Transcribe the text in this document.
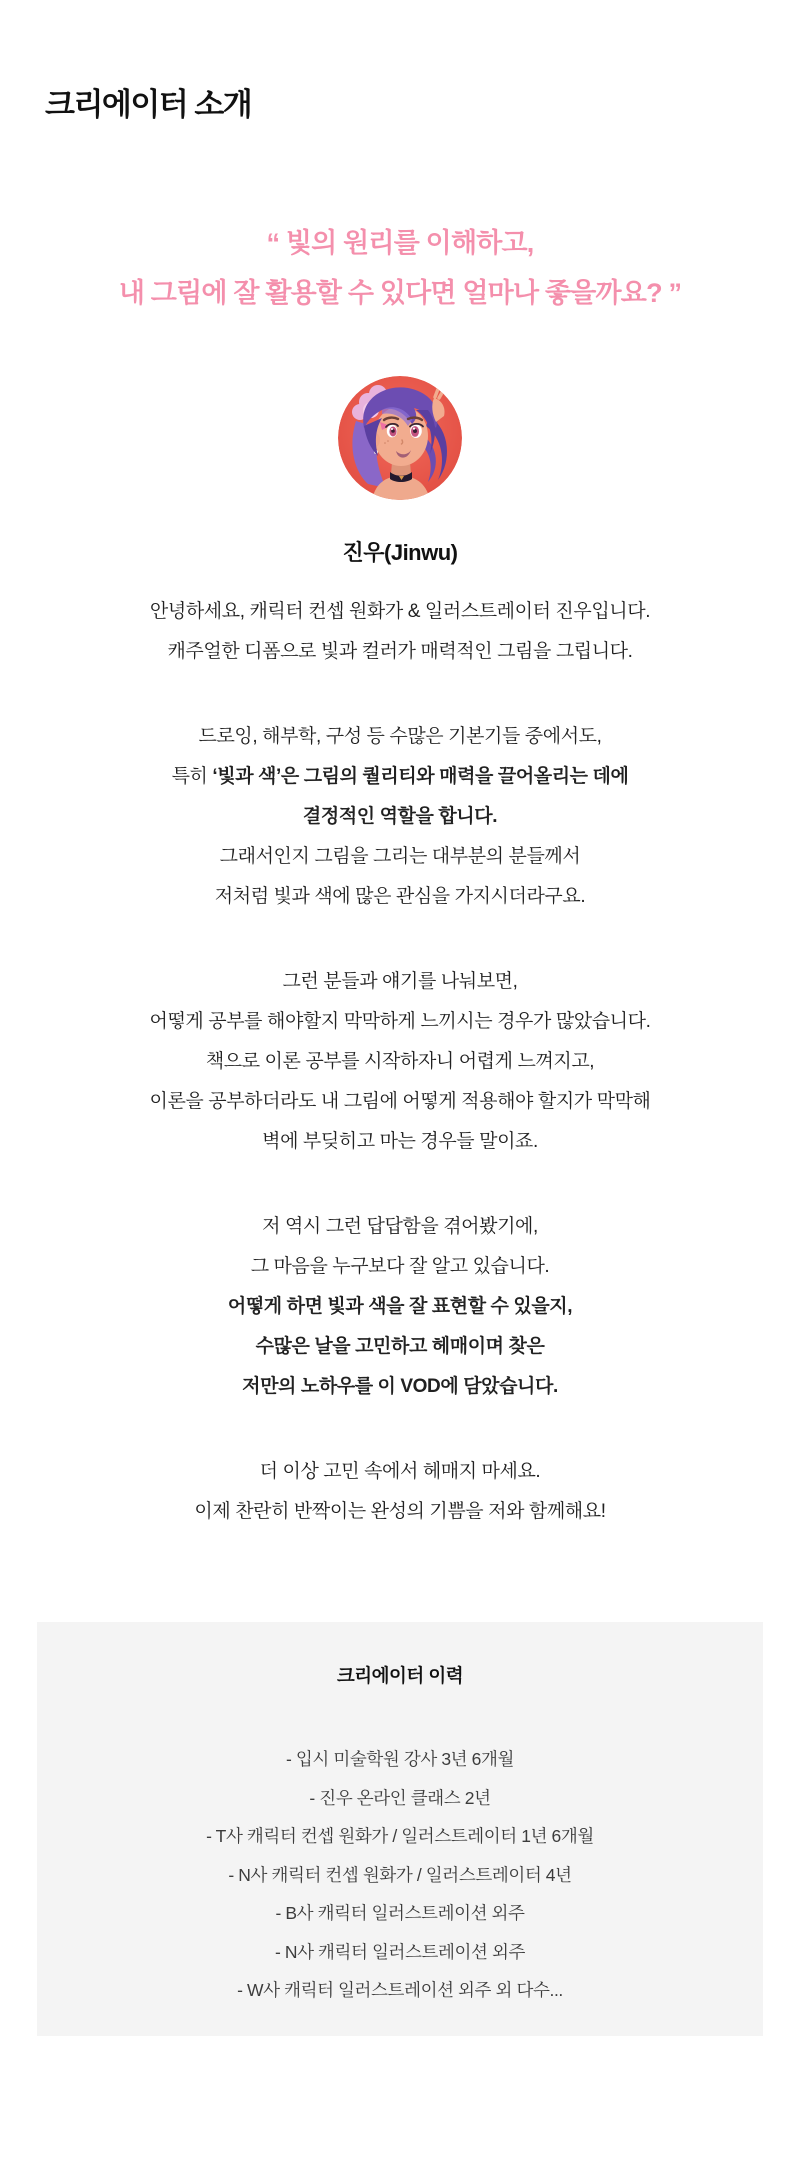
크리에이터 소개
“ 빛의 원리를 이해하고,
내 그림에 잘 활용할 수 있다면 얼마나 좋을까요? ”
진우(Jinwu)

안녕하세요, 캐릭터 컨셉 원화가 & 일러스트레이터 진우입니다.
캐주얼한 디폼으로 빛과 컬러가 매력적인 그림을 그립니다.

드로잉, 해부학, 구성 등 수많은 기본기들 중에서도,
특히 ‘빛과 색’은 그림의 퀄리티와 매력을 끌어올리는 데에
결정적인 역할을 합니다.
그래서인지 그림을 그리는 대부분의 분들께서
저처럼 빛과 색에 많은 관심을 가지시더라구요.

그런 분들과 얘기를 나눠보면,
어떻게 공부를 해야할지 막막하게 느끼시는 경우가 많았습니다.
책으로 이론 공부를 시작하자니 어렵게 느껴지고,
이론을 공부하더라도 내 그림에 어떻게 적용해야 할지가 막막해
벽에 부딪히고 마는 경우들 말이죠.

저 역시 그런 답답함을 겪어봤기에,
그 마음을 누구보다 잘 알고 있습니다.
어떻게 하면 빛과 색을 잘 표현할 수 있을지,
수많은 날을 고민하고 헤매이며 찾은
저만의 노하우를 이 VOD에 담았습니다.

더 이상 고민 속에서 헤매지 마세요.
이제 찬란히 반짝이는 완성의 기쁨을 저와 함께해요!

크리에이터 이력

- 입시 미술학원 강사 3년 6개월
- 진우 온라인 클래스 2년
- T사 캐릭터 컨셉 원화가 / 일러스트레이터 1년 6개월
- N사 캐릭터 컨셉 원화가 / 일러스트레이터 4년
- B사 캐릭터 일러스트레이션 외주
- N사 캐릭터 일러스트레이션 외주
- W사 캐릭터 일러스트레이션 외주 외 다수...
